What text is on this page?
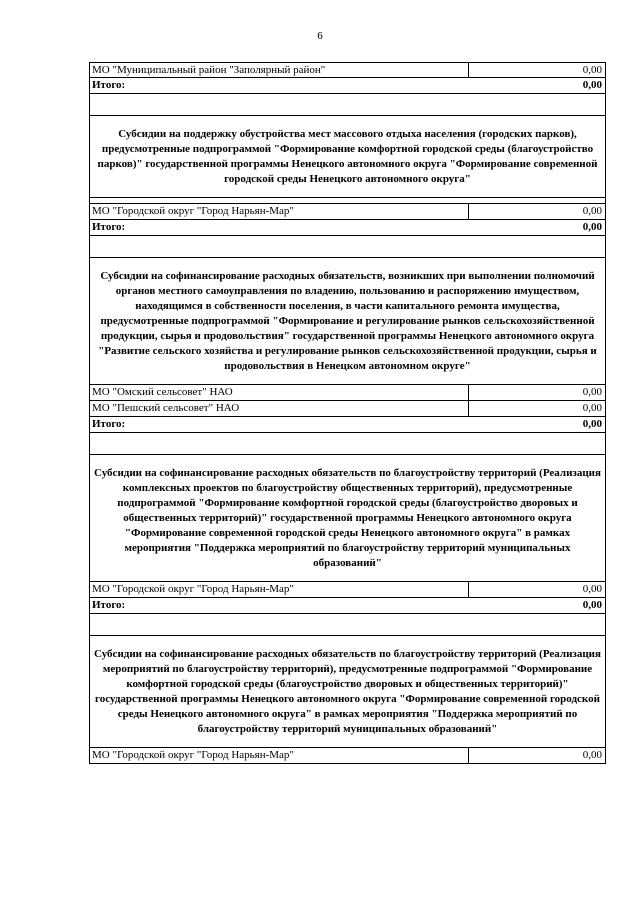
6
МО "Муниципальный район "Заполярный район"	0,00
Итого:	0,00
Субсидии на поддержку обустройства мест массового отдыха населения (городских парков), предусмотренные подпрограммой "Формирование комфортной городской среды (благоустройство парков)" государственной программы Ненецкого автономного округа "Формирование современной городской среды Ненецкого автономного округа"
МО "Городской округ "Город Нарьян-Мар"	0,00
Итого:	0,00
Субсидии на софинансирование расходных обязательств, возникших при выполнении полномочий органов местного самоуправления по владению, пользованию и распоряжению имуществом, находящимся в собственности поселения, в части капитального ремонта имущества, предусмотренные подпрограммой "Формирование и регулирование рынков сельскохозяйственной продукции, сырья и продовольствия" государственной программы Ненецкого автономного округа "Развитие сельского хозяйства и регулирование рынков сельскохозяйственной продукции, сырья и продовольствия в Ненецком автономном округе"
МО "Омский сельсовет" НАО	0,00
МО "Пешский сельсовет" НАО	0,00
Итого:	0,00
Субсидии на софинансирование расходных обязательств по благоустройству территорий (Реализация комплексных проектов по благоустройству общественных территорий), предусмотренные подпрограммой "Формирование комфортной городской среды (благоустройство дворовых и общественных территорий)" государственной программы Ненецкого автономного округа "Формирование современной городской среды Ненецкого автономного округа" в рамках мероприятия "Поддержка мероприятий по благоустройству территорий муниципальных образований"
МО "Городской округ "Город Нарьян-Мар"	0,00
Итого:	0,00
Субсидии на софинансирование расходных обязательств по благоустройству территорий (Реализация мероприятий по благоустройству территорий), предусмотренные подпрограммой "Формирование комфортной городской среды (благоустройство дворовых и общественных территорий)" государственной программы Ненецкого автономного округа "Формирование современной городской среды Ненецкого автономного округа" в рамках мероприятия "Поддержка мероприятий по благоустройству территорий муниципальных образований"
МО "Городской округ "Город Нарьян-Мар"	0,00
